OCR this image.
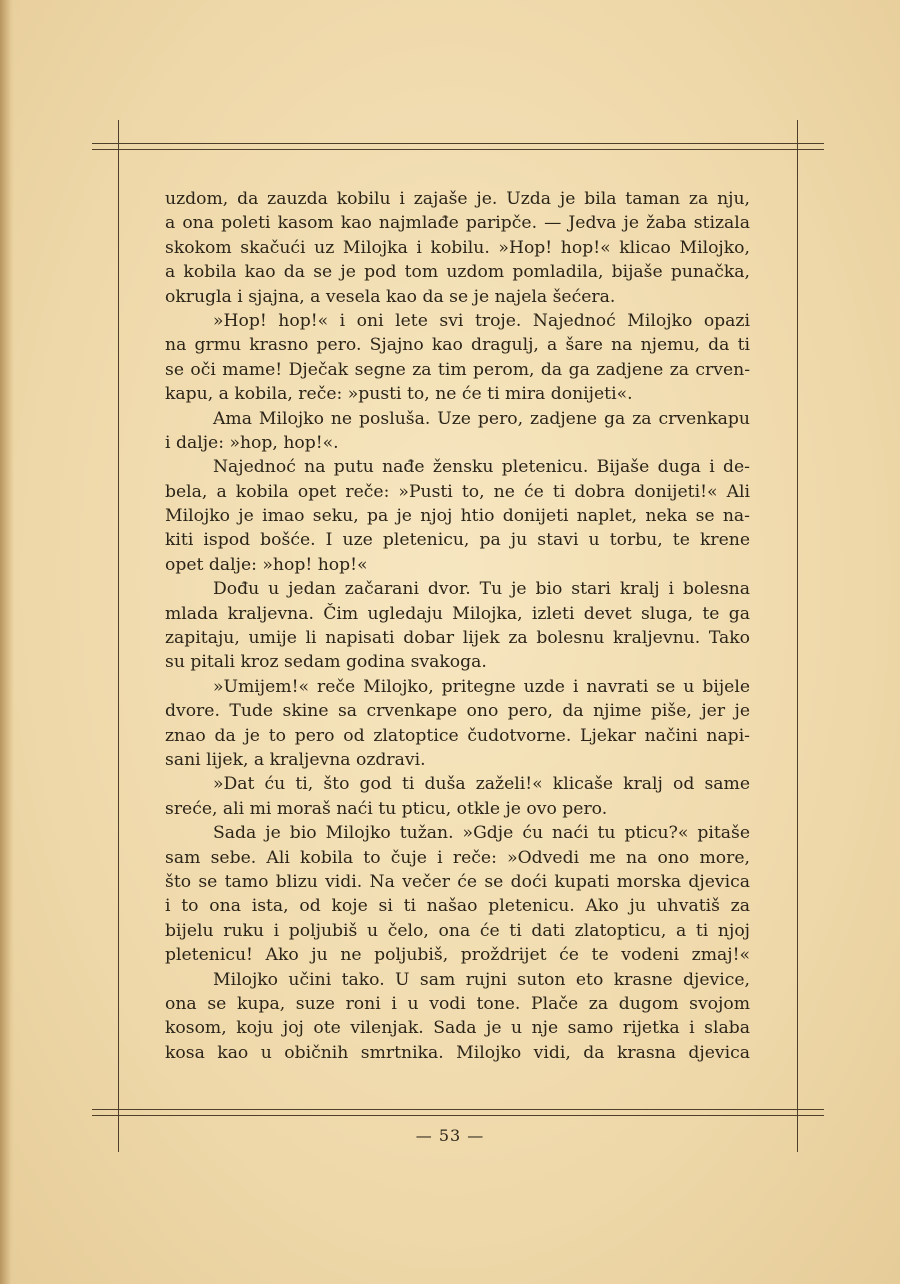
uzdom, da zauzda kobilu i zajaše je. Uzda je bila taman za nju,
a ona poleti kasom kao najmlađe paripče. — Jedva je žaba stizala
skokom skačući uz Milojka i kobilu. »Hop! hop!« klicao Milojko,
a kobila kao da se je pod tom uzdom pomladila, bijaše punačka,
okrugla i sjajna, a vesela kao da se je najela šećera.
»Hop! hop!« i oni lete svi troje. Najednoć Milojko opazi
na grmu krasno pero. Sjajno kao dragulj, a šare na njemu, da ti
se oči mame! Dječak segne za tim perom, da ga zadjene za crven-
kapu, a kobila, reče: »pusti to, ne će ti mira donijeti«.
Ama Milojko ne posluša. Uze pero, zadjene ga za crvenkapu
i dalje: »hop, hop!«.
Najednoć na putu nađe žensku pletenicu. Bijaše duga i de-
bela, a kobila opet reče: »Pusti to, ne će ti dobra donijeti!« Ali
Milojko je imao seku, pa je njoj htio donijeti naplet, neka se na-
kiti ispod bošće. I uze pletenicu, pa ju stavi u torbu, te krene
opet dalje: »hop! hop!«
Dođu u jedan začarani dvor. Tu je bio stari kralj i bolesna
mlada kraljevna. Čim ugledaju Milojka, izleti devet sluga, te ga
zapitaju, umije li napisati dobar lijek za bolesnu kraljevnu. Tako
su pitali kroz sedam godina svakoga.
»Umijem!« reče Milojko, pritegne uzde i navrati se u bijele
dvore. Tude skine sa crvenkape ono pero, da njime piše, jer je
znao da je to pero od zlatoptice čudotvorne. Ljekar načini napi-
sani lijek, a kraljevna ozdravi.
»Dat ću ti, što god ti duša zaželi!« klicaše kralj od same
sreće, ali mi moraš naći tu pticu, otkle je ovo pero.
Sada je bio Milojko tužan. »Gdje ću naći tu pticu?« pitaše
sam sebe. Ali kobila to čuje i reče: »Odvedi me na ono more,
što se tamo blizu vidi. Na večer će se doći kupati morska djevica
i to ona ista, od koje si ti našao pletenicu. Ako ju uhvatiš za
bijelu ruku i poljubiš u čelo, ona će ti dati zlatopticu, a ti njoj
pletenicu! Ako ju ne poljubiš, proždrijet će te vodeni zmaj!«
Milojko učini tako. U sam rujni suton eto krasne djevice,
ona se kupa, suze roni i u vodi tone. Plače za dugom svojom
kosom, koju joj ote vilenjak. Sada je u nje samo rijetka i slaba
kosa kao u običnih smrtnika. Milojko vidi, da krasna djevica
— 53 —
